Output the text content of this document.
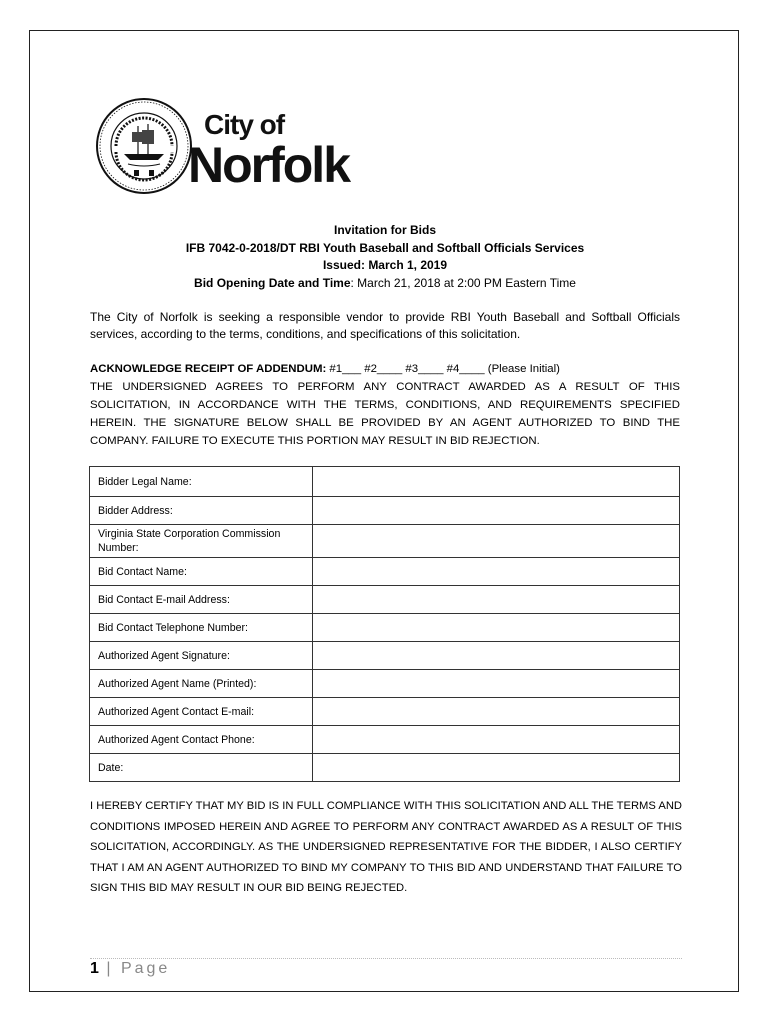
CITY OF NORFOLK VIRGINIA
City of
Norfolk
Invitation for Bids
IFB 7042-0-2018/DT RBI Youth Baseball and Softball Officials Services
Issued: March 1, 2019
Bid Opening Date and Time: March 21, 2018 at 2:00 PM Eastern Time
The City of Norfolk is seeking a responsible vendor to provide RBI Youth Baseball and Softball Officials services, according to the terms, conditions, and specifications of this solicitation.
ACKNOWLEDGE RECEIPT OF ADDENDUM: #1___ #2____ #3____ #4____ (Please Initial)
THE UNDERSIGNED AGREES TO PERFORM ANY CONTRACT AWARDED AS A RESULT OF THIS SOLICITATION, IN ACCORDANCE WITH THE TERMS, CONDITIONS, AND REQUIREMENTS SPECIFIED HEREIN. THE SIGNATURE BELOW SHALL BE PROVIDED BY AN AGENT AUTHORIZED TO BIND THE COMPANY. FAILURE TO EXECUTE THIS PORTION MAY RESULT IN BID REJECTION.
Bidder Legal Name:	
Bidder Address:	
Virginia State Corporation Commission Number:	
Bid Contact Name:	
Bid Contact E-mail Address:	
Bid Contact Telephone Number:	
Authorized Agent Signature:	
Authorized Agent Name (Printed):	
Authorized Agent Contact E-mail:	
Authorized Agent Contact Phone:	
Date:	
I HEREBY CERTIFY THAT MY BID IS IN FULL COMPLIANCE WITH THIS SOLICITATION AND ALL THE TERMS AND CONDITIONS IMPOSED HEREIN AND AGREE TO PERFORM ANY CONTRACT AWARDED AS A RESULT OF THIS SOLICITATION, ACCORDINGLY. AS THE UNDERSIGNED REPRESENTATIVE FOR THE BIDDER, I ALSO CERTIFY THAT I AM AN AGENT AUTHORIZED TO BIND MY COMPANY TO THIS BID AND UNDERSTAND THAT FAILURE TO SIGN THIS BID MAY RESULT IN OUR BID BEING REJECTED.
1 | Page
